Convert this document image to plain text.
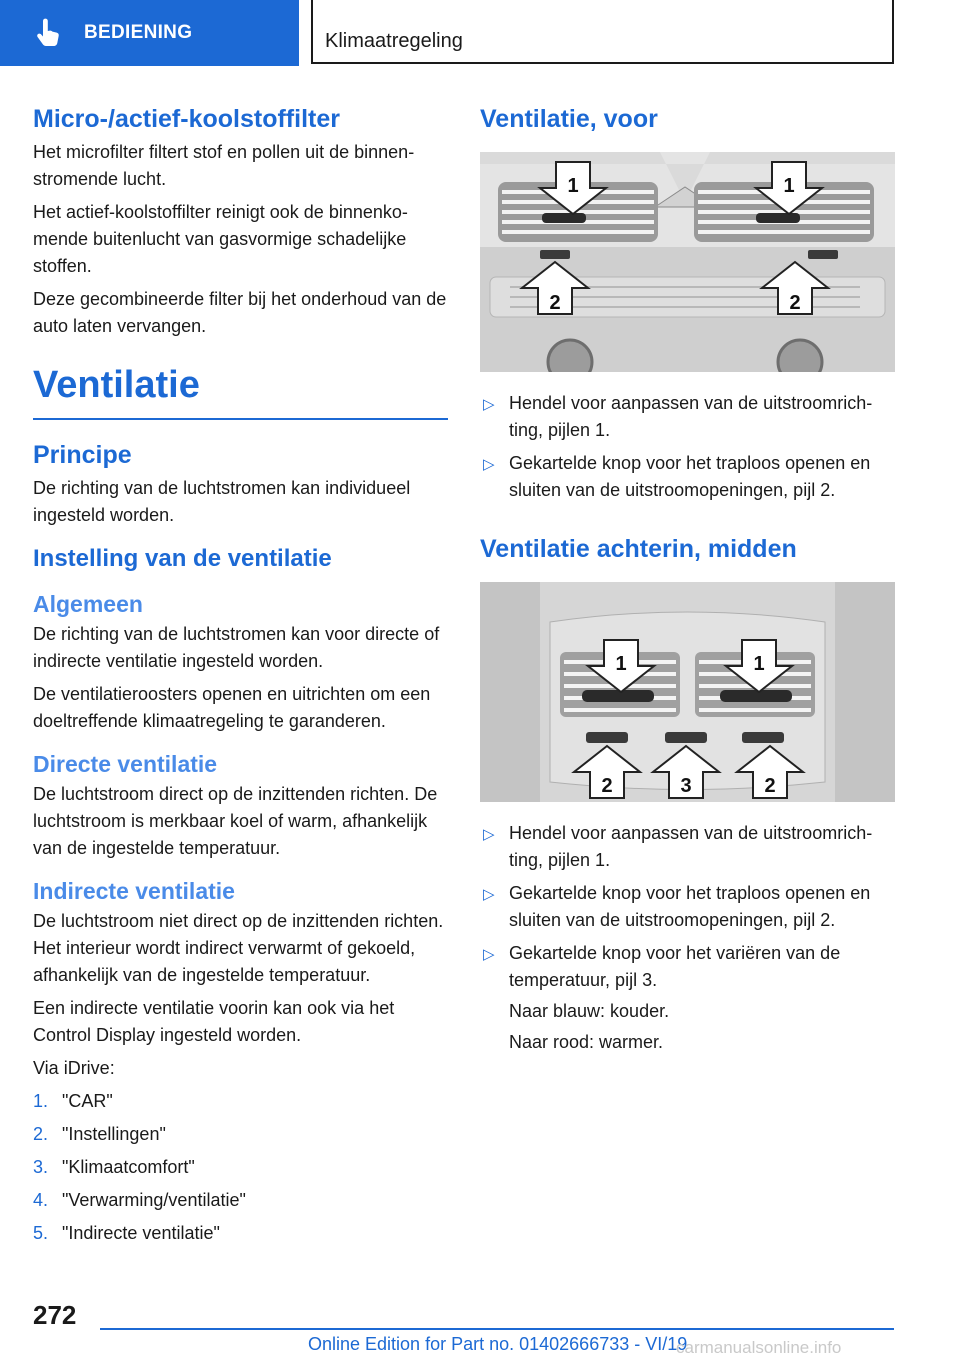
BEDIENING	Klimaatregeling
Micro-/actief-koolstoffilter

Het microfilter filtert stof en pollen uit de binnenstromende lucht.

Het actief-koolstoffilter reinigt ook de binnenkomende buitenlucht van gasvormige schadelijke stoffen.

Deze gecombineerde filter bij het onderhoud van de auto laten vervangen.

Ventilatie
Principe

De richting van de luchtstromen kan individueel ingesteld worden.

Instelling van de ventilatie
Algemeen

De richting van de luchtstromen kan voor directe of indirecte ventilatie ingesteld worden.

De ventilatieroosters openen en uitrichten om een doeltreffende klimaatregeling te garanderen.

Directe ventilatie

De luchtstroom direct op de inzittenden richten. De luchtstroom is merkbaar koel of warm, afhankelijk van de ingestelde temperatuur.

Indirecte ventilatie

De luchtstroom niet direct op de inzittenden richten. Het interieur wordt indirect verwarmt of gekoeld, afhankelijk van de ingestelde temperatuur.

Een indirecte ventilatie voorin kan ook via het Control Display ingesteld worden.

Via iDrive:

1. "CAR"
2. "Instellingen"
3. "Klimaatcomfort"
4. "Verwarming/ventilatie"
5. "Indirecte ventilatie"
Ventilatie, voor
1	1
2	2
▷ Hendel voor aanpassen van de uitstroomrichting, pijlen 1.
▷ Gekartelde knop voor het traploos openen en sluiten van de uitstroomopeningen, pijl 2.
Ventilatie achterin, midden
1	1
2	3	2
▷ Hendel voor aanpassen van de uitstroomrichting, pijlen 1.
▷ Gekartelde knop voor het traploos openen en sluiten van de uitstroomopeningen, pijl 2.
▷ Gekartelde knop voor het variëren van de temperatuur, pijl 3.
Naar blauw: kouder.
Naar rood: warmer.
272
Online Edition for Part no. 01402666733 - VI/19
carmanualsonline.info
